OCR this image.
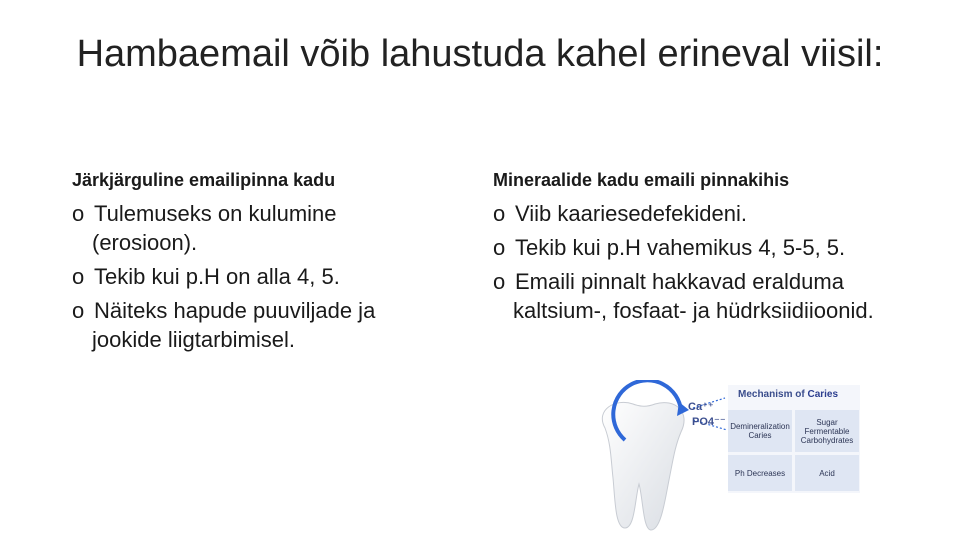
Hambaemail võib lahustuda kahel erineval viisil:
Järkjärguline emailipinna kadu
o Tulemuseks on kulumine (erosioon).
o Tekib kui p.H on alla 4, 5.
o Näiteks hapude puuviljade ja jookide liigtarbimisel.
Mineraalide kadu emaili pinnakihis
o Viib kaariesedefekideni.
o Tekib kui p.H vahemikus 4, 5-5, 5.
o Emaili pinnalt hakkavad eralduma kaltsium-, fosfaat- ja hüdrksiidiioonid.
Ca⁺⁺
PO4⁻⁻
Mechanism of Caries
Demineralization Caries
Sugar Fermentable Carbohydrates
Ph Decreases	Acid
